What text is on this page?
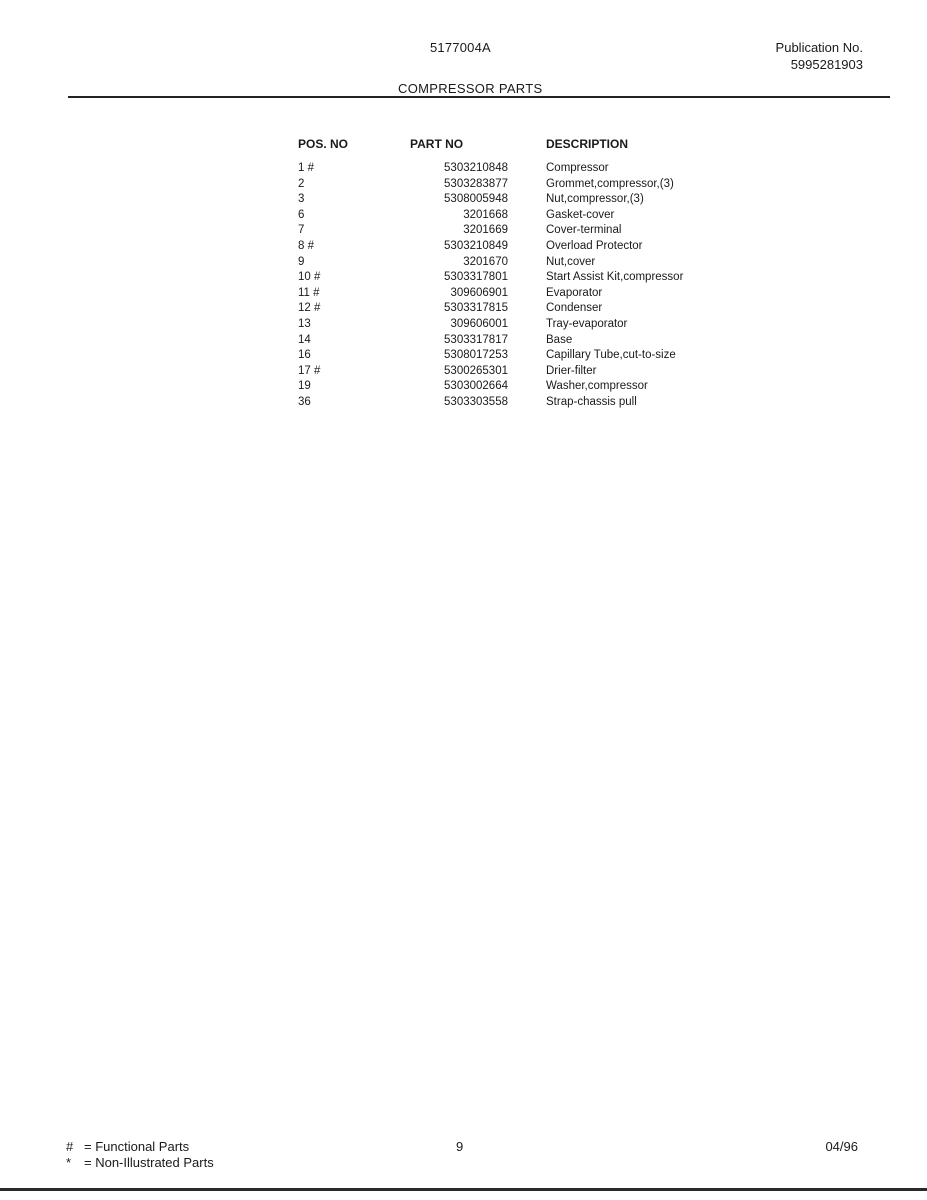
5177004A	Publication No.
5995281903
COMPRESSOR PARTS
POS. NO	PART NO	DESCRIPTION
1 #	5303210848	Compressor
2	5303283877	Grommet,compressor,(3)
3	5308005948	Nut,compressor,(3)
6	3201668	Gasket-cover
7	3201669	Cover-terminal
8 #	5303210849	Overload Protector
9	3201670	Nut,cover
10 #	5303317801	Start Assist Kit,compressor
11 #	309606901	Evaporator
12 #	5303317815	Condenser
13	309606001	Tray-evaporator
14	5303317817	Base
16	5308017253	Capillary Tube,cut-to-size
17 #	5300265301	Drier-filter
19	5303002664	Washer,compressor
36	5303303558	Strap-chassis pull
# = Functional Parts
* = Non-Illustrated Parts
9	04/96
